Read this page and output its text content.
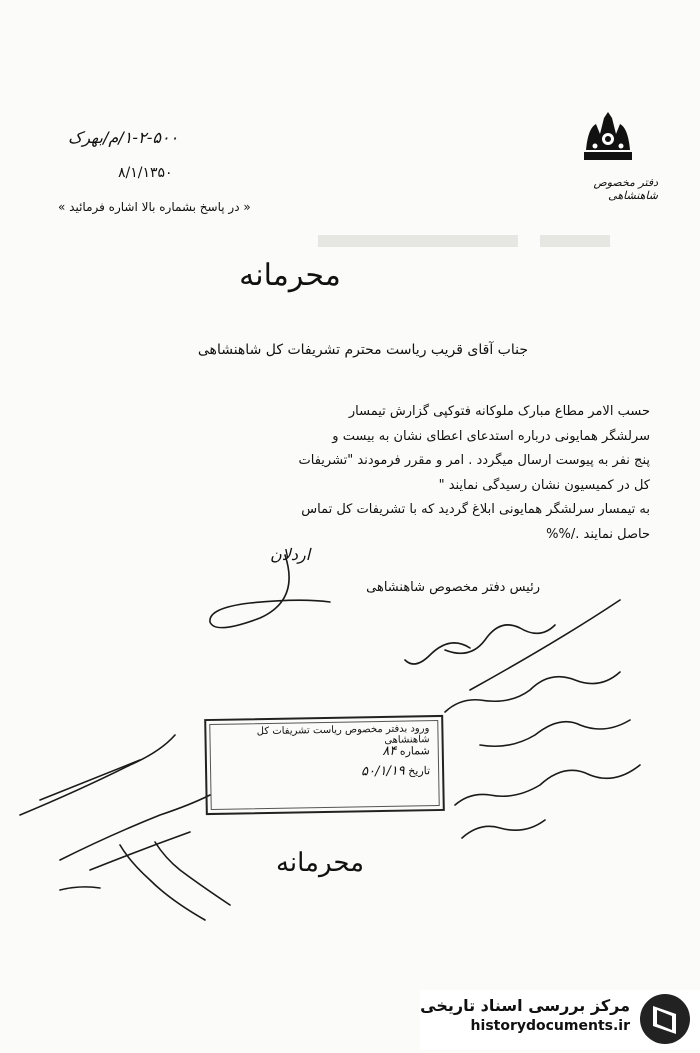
دفتر مخصوص شاهنشاهی
۱-۲-۵۰۰/م/بهرک
۸/۱/۱۳۵۰
« در پاسخ بشماره بالا اشاره فرمائید »
محرمانه
جناب آقای قریب ریاست محترم تشریفات کل شاهنشاهی

حسب الامر مطاع مبارک ملوکانه فتوکپی گزارش تیمسار

سرلشگر همایونی درباره استدعای اعطای نشان به بیست و

پنج نفر به پیوست ارسال میگردد . امر و مقرر فرمودند "تشریفات

کل در کمیسیون نشان رسیدگی نمایند "

به تیمسار سرلشگر همایونی ابلاغ گردید که با تشریفات کل تماس

حاصل نمایند ./%%

اردلان
رئیس دفتر مخصوص شاهنشاهی
ورود بدفتر مخصوص ریاست تشریفات کل شاهنشاهی
شماره ۸۴
تاریخ ۵۰/۱/۱۹
محرمانه
مرکز بررسی اسناد تاریخی
historydocuments.ir
